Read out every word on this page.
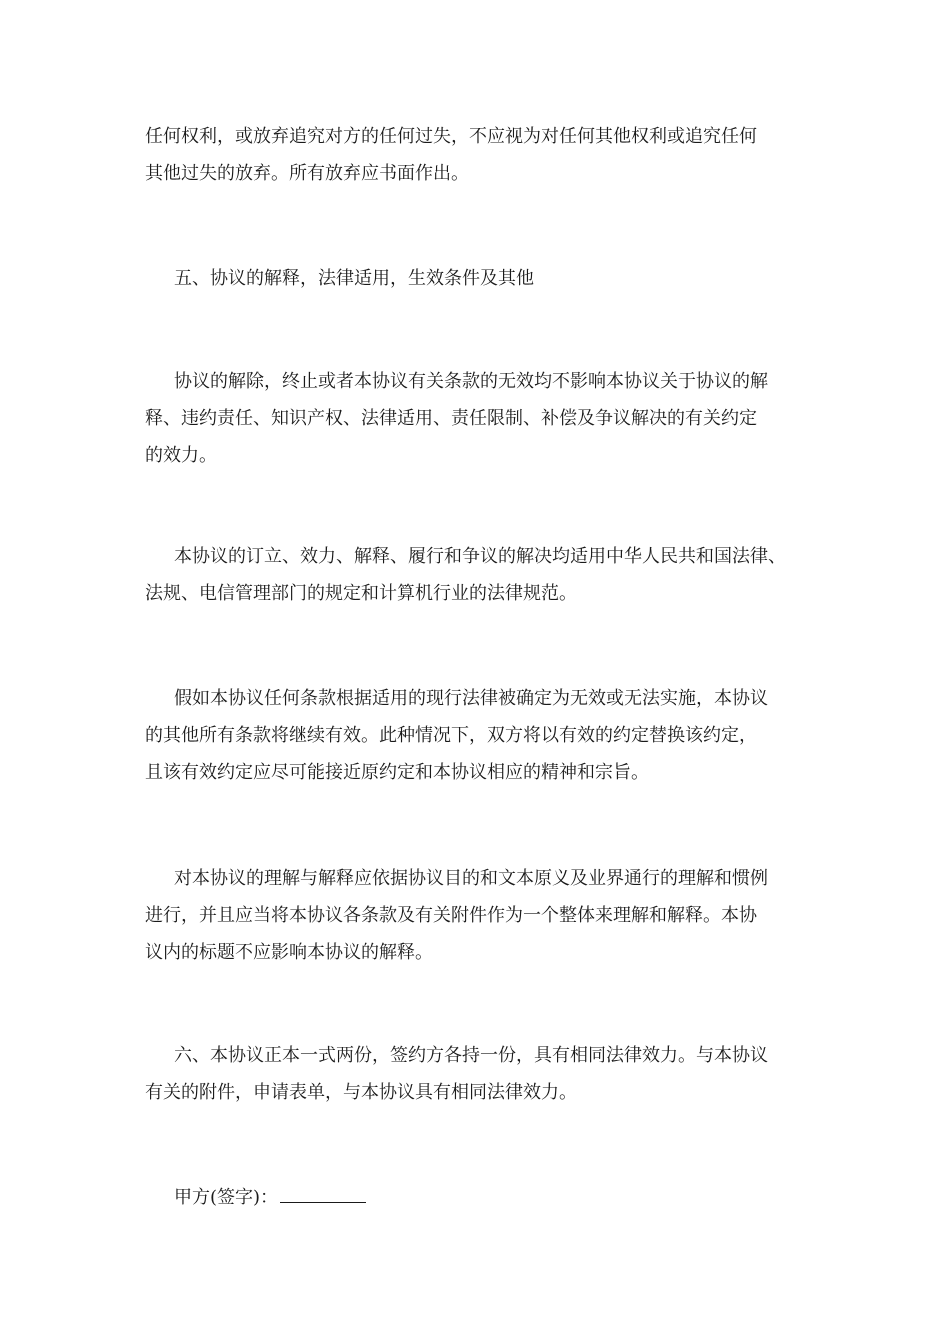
任何权利，或放弃追究对方的任何过失，不应视为对任何其他权利或追究任何
其他过失的放弃。所有放弃应书面作出。
五、协议的解释，法律适用，生效条件及其他
协议的解除，终止或者本协议有关条款的无效均不影响本协议关于协议的解
释、违约责任、知识产权、法律适用、责任限制、补偿及争议解决的有关约定
的效力。
本协议的订立、效力、解释、履行和争议的解决均适用中华人民共和国法律、
法规、电信管理部门的规定和计算机行业的法律规范。
假如本协议任何条款根据适用的现行法律被确定为无效或无法实施，本协议
的其他所有条款将继续有效。此种情况下，双方将以有效的约定替换该约定，
且该有效约定应尽可能接近原约定和本协议相应的精神和宗旨。
对本协议的理解与解释应依据协议目的和文本原义及业界通行的理解和惯例
进行，并且应当将本协议各条款及有关附件作为一个整体来理解和解释。本协
议内的标题不应影响本协议的解释。
六、本协议正本一式两份，签约方各持一份，具有相同法律效力。与本协议
有关的附件，申请表单，与本协议具有相同法律效力。
甲方(签字)：
